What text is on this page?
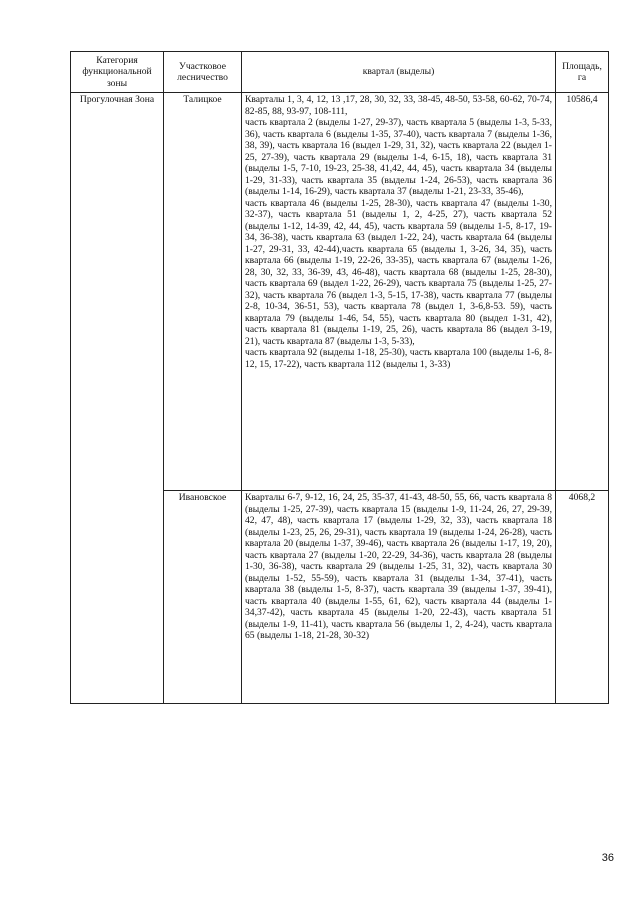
Категория функциональной зоны	Участковое лесничество	квартал (выделы)	Площадь, га
Прогулочная Зона	Талицкое	Кварталы 1, 3, 4, 12, 13 ,17, 28, 30, 32, 33, 38-45, 48-50, 53-58, 60-62, 70-74, 82-85, 88, 93-97, 108-111,

часть квартала 2 (выделы 1-27, 29-37), часть квартала 5 (выделы 1-3, 5-33, 36), часть квартала 6 (выделы 1-35, 37-40), часть квартала 7 (выделы 1-36, 38, 39), часть квартала 16 (выдел 1-29, 31, 32), часть квартала 22 (выдел 1-25, 27-39), часть квартала 29 (выделы 1-4, 6-15, 18), часть квартала 31 (выделы 1-5, 7-10, 19-23, 25-38, 41,42, 44, 45), часть квартала 34 (выделы 1-29, 31-33), часть квартала 35 (выделы 1-24, 26-53), часть квартала 36 (выделы 1-14, 16-29), часть квартала 37 (выделы 1-21, 23-33, 35-46),

часть квартала 46 (выделы 1-25, 28-30), часть квартала 47 (выделы 1-30, 32-37), часть квартала 51 (выделы 1, 2, 4-25, 27), часть квартала 52 (выделы 1-12, 14-39, 42, 44, 45), часть квартала 59 (выделы 1-5, 8-17, 19-34, 36-38), часть квартала 63 (выдел 1-22, 24), часть квартала 64 (выделы 1-27, 29-31, 33, 42-44),часть квартала 65 (выделы 1, 3-26, 34, 35), часть квартала 66 (выделы 1-19, 22-26, 33-35), часть квартала 67 (выделы 1-26, 28, 30, 32, 33, 36-39, 43, 46-48), часть квартала 68 (выделы 1-25, 28-30), часть квартала 69 (выдел 1-22, 26-29), часть квартала 75 (выделы 1-25, 27-32), часть квартала 76 (выдел 1-3, 5-15, 17-38), часть квартала 77 (выделы 2-8, 10-34, 36-51, 53), часть квартала 78 (выдел 1, 3-6,8-53. 59), часть квартала 79 (выделы 1-46, 54, 55), часть квартала 80 (выдел 1-31, 42), часть квартала 81 (выделы 1-19, 25, 26), часть квартала 86 (выдел 3-19, 21), часть квартала 87 (выделы 1-3, 5-33),

часть квартала 92 (выделы 1-18, 25-30), часть квартала 100 (выделы 1-6, 8-12, 15, 17-22), часть квартала 112 (выделы 1, 3-33)	10586,4
	Ивановское	Кварталы 6-7, 9-12, 16, 24, 25, 35-37, 41-43, 48-50, 55, 66, часть квартала 8 (выделы 1-25, 27-39), часть квартала 15 (выделы 1-9, 11-24, 26, 27, 29-39, 42, 47, 48), часть квартала 17 (выделы 1-29, 32, 33), часть квартала 18 (выделы 1-23, 25, 26, 29-31), часть квартала 19 (выделы 1-24, 26-28), часть квартала 20 (выделы 1-37, 39-46), часть квартала 26 (выделы 1-17, 19, 20), часть квартала 27 (выделы 1-20, 22-29, 34-36), часть квартала 28 (выделы 1-30, 36-38), часть квартала 29 (выделы 1-25, 31, 32), часть квартала 30 (выделы 1-52, 55-59), часть квартала 31 (выделы 1-34, 37-41), часть квартала 38 (выделы 1-5, 8-37), часть квартала 39 (выделы 1-37, 39-41), часть квартала 40 (выделы 1-55, 61, 62), часть квартала 44 (выделы 1-34,37-42), часть квартала 45 (выделы 1-20, 22-43), часть квартала 51 (выделы 1-9, 11-41), часть квартала 56 (выделы 1, 2, 4-24), часть квартала 65 (выделы 1-18, 21-28, 30-32)	4068,2
36
